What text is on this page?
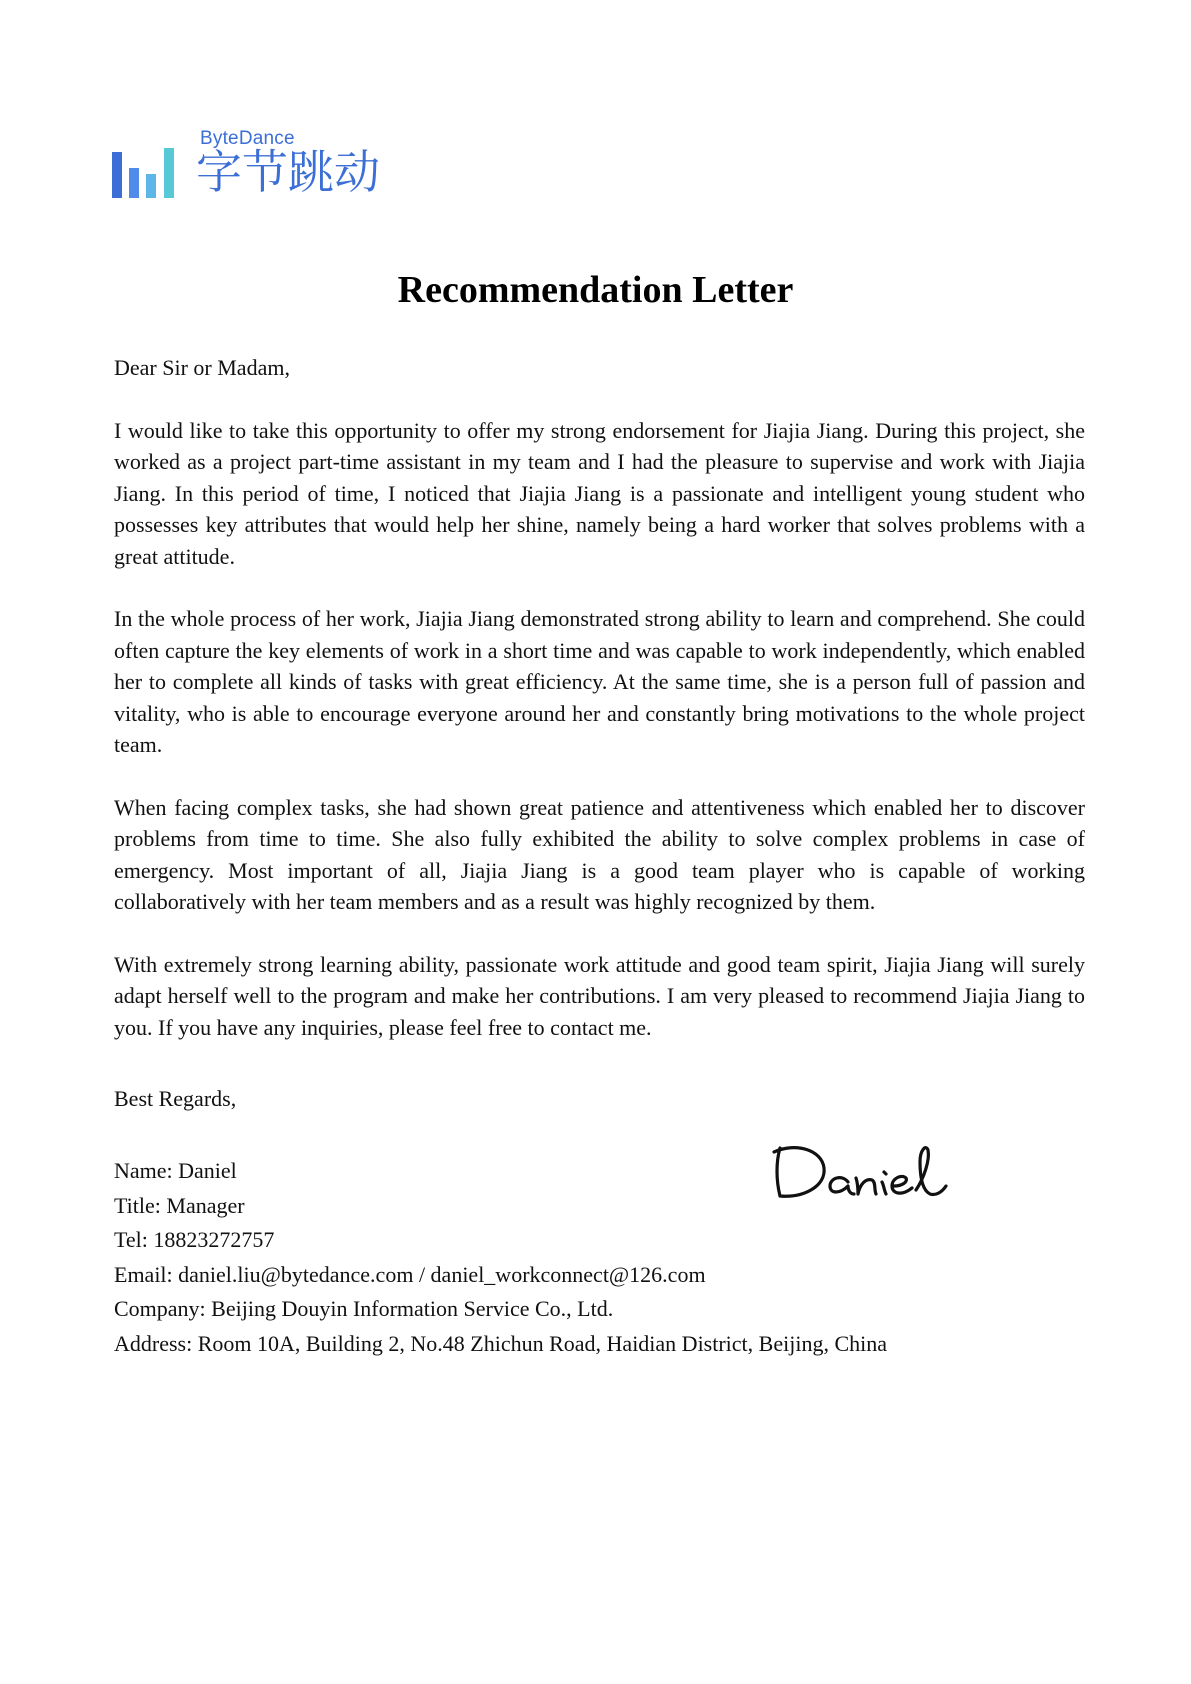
ByteDance
字节跳动
Recommendation Letter

Dear Sir or Madam,

I would like to take this opportunity to offer my strong endorsement for Jiajia Jiang. During this project, she worked as a project part-time assistant in my team and I had the pleasure to supervise and work with Jiajia Jiang. In this period of time, I noticed that Jiajia Jiang is a passionate and intelligent young student who possesses key attributes that would help her shine, namely being a hard worker that solves problems with a great attitude.

In the whole process of her work, Jiajia Jiang demonstrated strong ability to learn and comprehend. She could often capture the key elements of work in a short time and was capable to work independently, which enabled her to complete all kinds of tasks with great efficiency. At the same time, she is a person full of passion and vitality, who is able to encourage everyone around her and constantly bring motivations to the whole project team.

When facing complex tasks, she had shown great patience and attentiveness which enabled her to discover problems from time to time. She also fully exhibited the ability to solve complex problems in case of emergency. Most important of all, Jiajia Jiang is a good team player who is capable of working collaboratively with her team members and as a result was highly recognized by them.

With extremely strong learning ability, passionate work attitude and good team spirit, Jiajia Jiang will surely adapt herself well to the program and make her contributions. I am very pleased to recommend Jiajia Jiang to you. If you have any inquiries, please feel free to contact me.

Best Regards,

Name: Daniel
Title: Manager
Tel: 18823272757
Email: daniel.liu@bytedance.com / daniel_workconnect@126.com
Company: Beijing Douyin Information Service Co., Ltd.
Address: Room 10A, Building 2, No.48 Zhichun Road, Haidian District, Beijing, China
